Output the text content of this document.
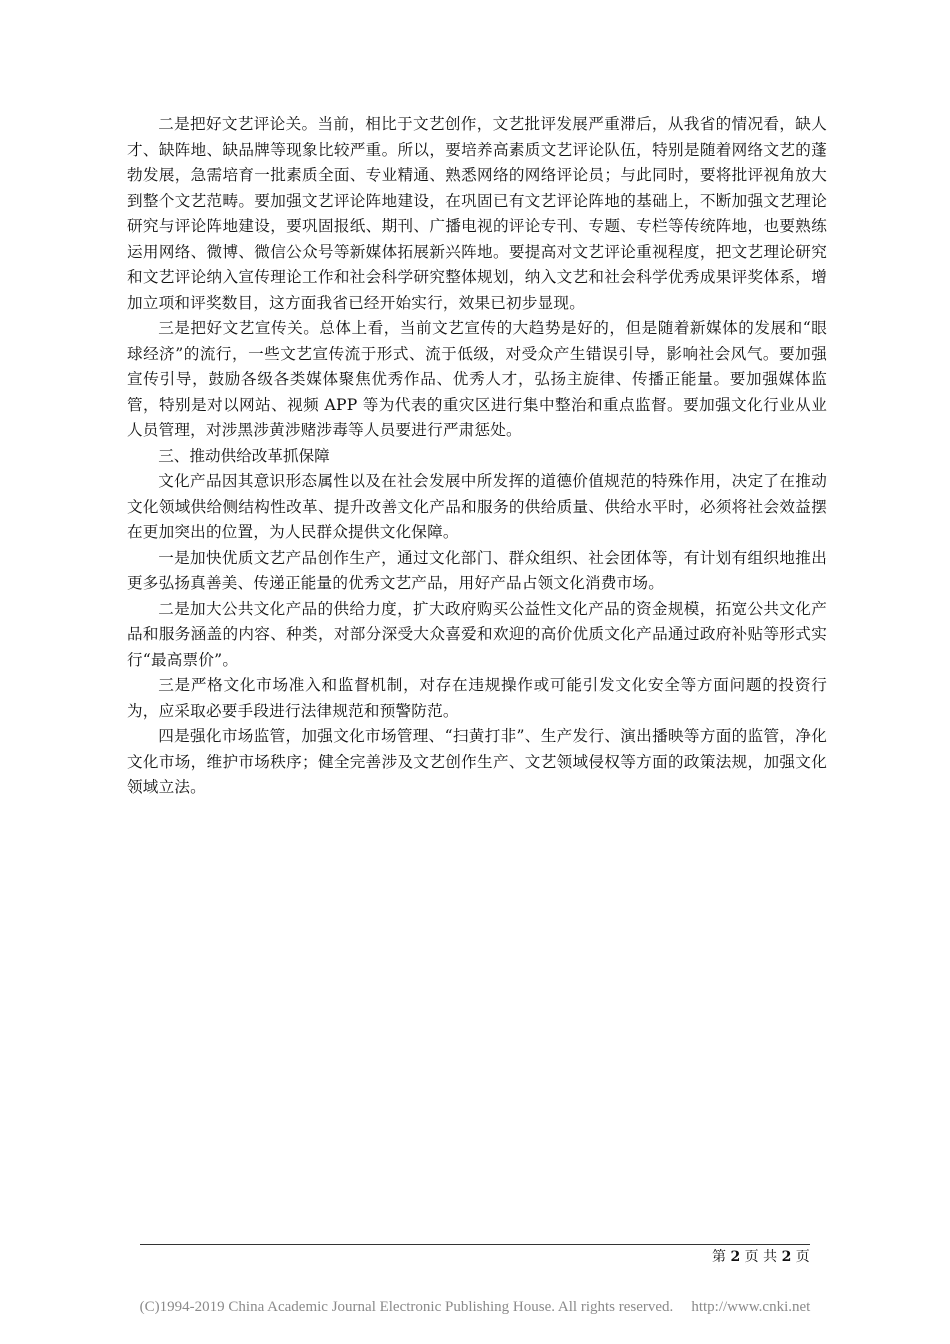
二是把好文艺评论关。当前，相比于文艺创作，文艺批评发展严重滞后，从我省的情况看，缺人才、缺阵地、缺品牌等现象比较严重。所以，要培养高素质文艺评论队伍，特别是随着网络文艺的蓬勃发展，急需培育一批素质全面、专业精通、熟悉网络的网络评论员；与此同时，要将批评视角放大到整个文艺范畴。要加强文艺评论阵地建设，在巩固已有文艺评论阵地的基础上，不断加强文艺理论研究与评论阵地建设，要巩固报纸、期刊、广播电视的评论专刊、专题、专栏等传统阵地，也要熟练运用网络、微博、微信公众号等新媒体拓展新兴阵地。要提高对文艺评论重视程度，把文艺理论研究和文艺评论纳入宣传理论工作和社会科学研究整体规划，纳入文艺和社会科学优秀成果评奖体系，增加立项和评奖数目，这方面我省已经开始实行，效果已初步显现。

三是把好文艺宣传关。总体上看，当前文艺宣传的大趋势是好的，但是随着新媒体的发展和“眼球经济”的流行，一些文艺宣传流于形式、流于低级，对受众产生错误引导，影响社会风气。要加强宣传引导，鼓励各级各类媒体聚焦优秀作品、优秀人才，弘扬主旋律、传播正能量。要加强媒体监管，特别是对以网站、视频 APP 等为代表的重灾区进行集中整治和重点监督。要加强文化行业从业人员管理，对涉黑涉黄涉赌涉毒等人员要进行严肃惩处。

三、推动供给改革抓保障

文化产品因其意识形态属性以及在社会发展中所发挥的道德价值规范的特殊作用，决定了在推动文化领域供给侧结构性改革、提升改善文化产品和服务的供给质量、供给水平时，必须将社会效益摆在更加突出的位置，为人民群众提供文化保障。

一是加快优质文艺产品创作生产，通过文化部门、群众组织、社会团体等，有计划有组织地推出更多弘扬真善美、传递正能量的优秀文艺产品，用好产品占领文化消费市场。

二是加大公共文化产品的供给力度，扩大政府购买公益性文化产品的资金规模，拓宽公共文化产品和服务涵盖的内容、种类，对部分深受大众喜爱和欢迎的高价优质文化产品通过政府补贴等形式实行“最高票价”。

三是严格文化市场准入和监督机制，对存在违规操作或可能引发文化安全等方面问题的投资行为，应采取必要手段进行法律规范和预警防范。

四是强化市场监管，加强文化市场管理、“扫黄打非”、生产发行、演出播映等方面的监管，净化文化市场，维护市场秩序；健全完善涉及文艺创作生产、文艺领域侵权等方面的政策法规，加强文化领域立法。

第 2 页 共 2 页
(C)1994-2019 China Academic Journal Electronic Publishing House. All rights reserved. http://www.cnki.net
